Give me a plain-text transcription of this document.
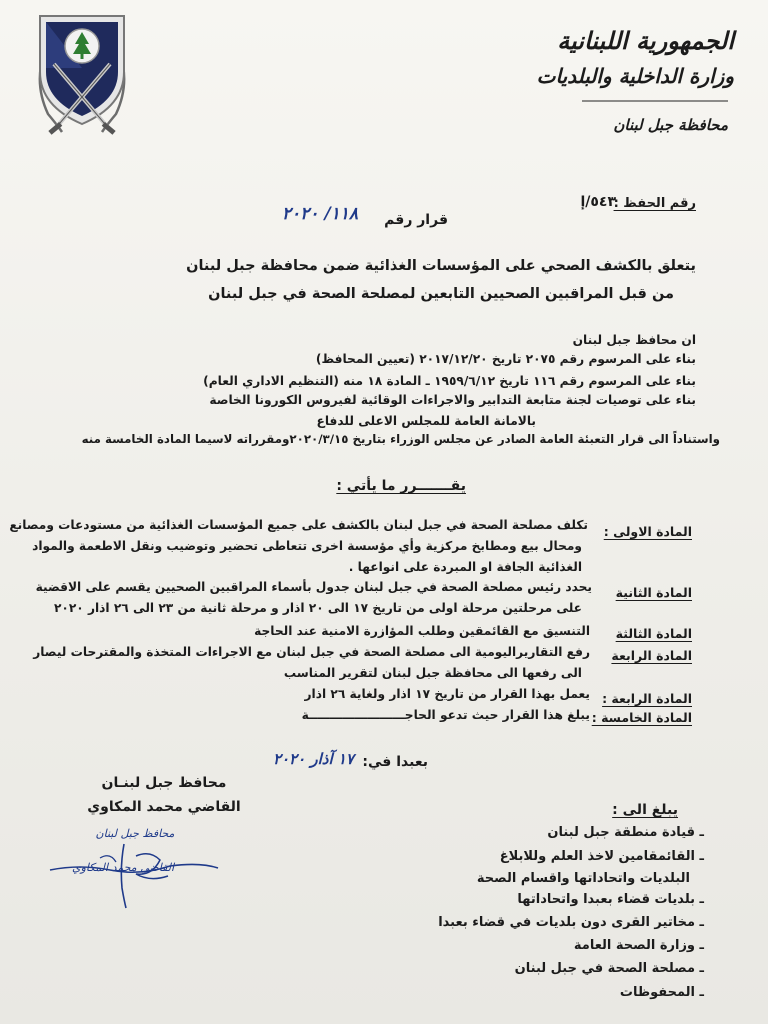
الجمهورية اللبنانية
وزارة الداخلية والبلديات
محافظة جبل لبنان
رقم الحفظ :
٥٤٣/إ
قرار رقم
١١٨/ ٢٠٢٠
يتعلق بالكشف الصحي على المؤسسات الغذائية ضمن محافظة جبل لبنان
من قبل المراقبين الصحيين التابعين لمصلحة الصحة في جبل لبنان
ان محافظ جبل لبنان
بناء على المرسوم رقم ٢٠٧٥ تاريخ ٢٠١٧/١٢/٢٠ (تعيين المحافظ)
بناء على المرسوم رقم ١١٦ تاريخ ١٩٥٩/٦/١٢ ـ المادة ١٨ منه (التنظيم الاداري العام)
بناء على توصيات لجنة متابعة التدابير والاجراءات الوقائية لفيروس الكورونا الخاصة
بالامانة العامة للمجلس الاعلى للدفاع
واستناداً الى قرار التعبئة العامة الصادر عن مجلس الوزراء بتاريخ ٢٠٢٠/٣/١٥ومقرراته لاسيما المادة الخامسة منه
يقـــــــرر ما يأتي :
المادة الاولى :
تكلف مصلحة الصحة في جبل لبنان بالكشف على جميع المؤسسات الغذائية من مستودعات ومصانع
ومحال بيع ومطابخ مركزية وأي مؤسسة اخرى تتعاطى تحضير وتوضيب ونقل الاطعمة والمواد
الغذائية الجافة او المبردة على انواعها .
المادة الثانية
يحدد رئيس مصلحة الصحة في جبل لبنان جدول بأسماء المراقبين الصحيين يقسم على الاقضية
على مرحلتين مرحلة اولى من تاريخ ١٧ الى ٢٠ اذار و مرحلة ثانية من ٢٣ الى ٢٦ اذار ٢٠٢٠
المادة الثالثة
التنسيق مع القائمقين وطلب المؤازرة الامنية عند الحاجة
المادة الرابعة
رفع التقاريراليومية الى مصلحة الصحة في جبل لبنان مع الاجراءات المتخذة والمقترحات ليصار
الى رفعها الى محافظة جبل لبنان لتقرير المناسب
المادة الرابعة :
يعمل بهذا القرار من تاريخ ١٧ اذار ولغاية ٢٦ اذار
المادة الخامسة :
يبلغ هذا القرار حيث تدعو الحاجـــــــــــــــــــــــة
بعبدا في:
١٧ آذار ٢٠٢٠
محافظ جبل لبنـان
القاضي محمد المكاوي
محافظ جبل لبنان
القاضي محمد المكاوي
يبلغ الى :
ـ قيادة منطقة جبل لبنان
ـ القائمقامين لاخذ العلم وللابلاغ
البلديات واتحاداتها واقسام الصحة
ـ بلديات قضاء بعبدا واتحاداتها
ـ مخاتير القرى دون بلديات في قضاء بعبدا
ـ وزارة الصحة العامة
ـ مصلحة الصحة في جبل لبنان
ـ المحفوظات
